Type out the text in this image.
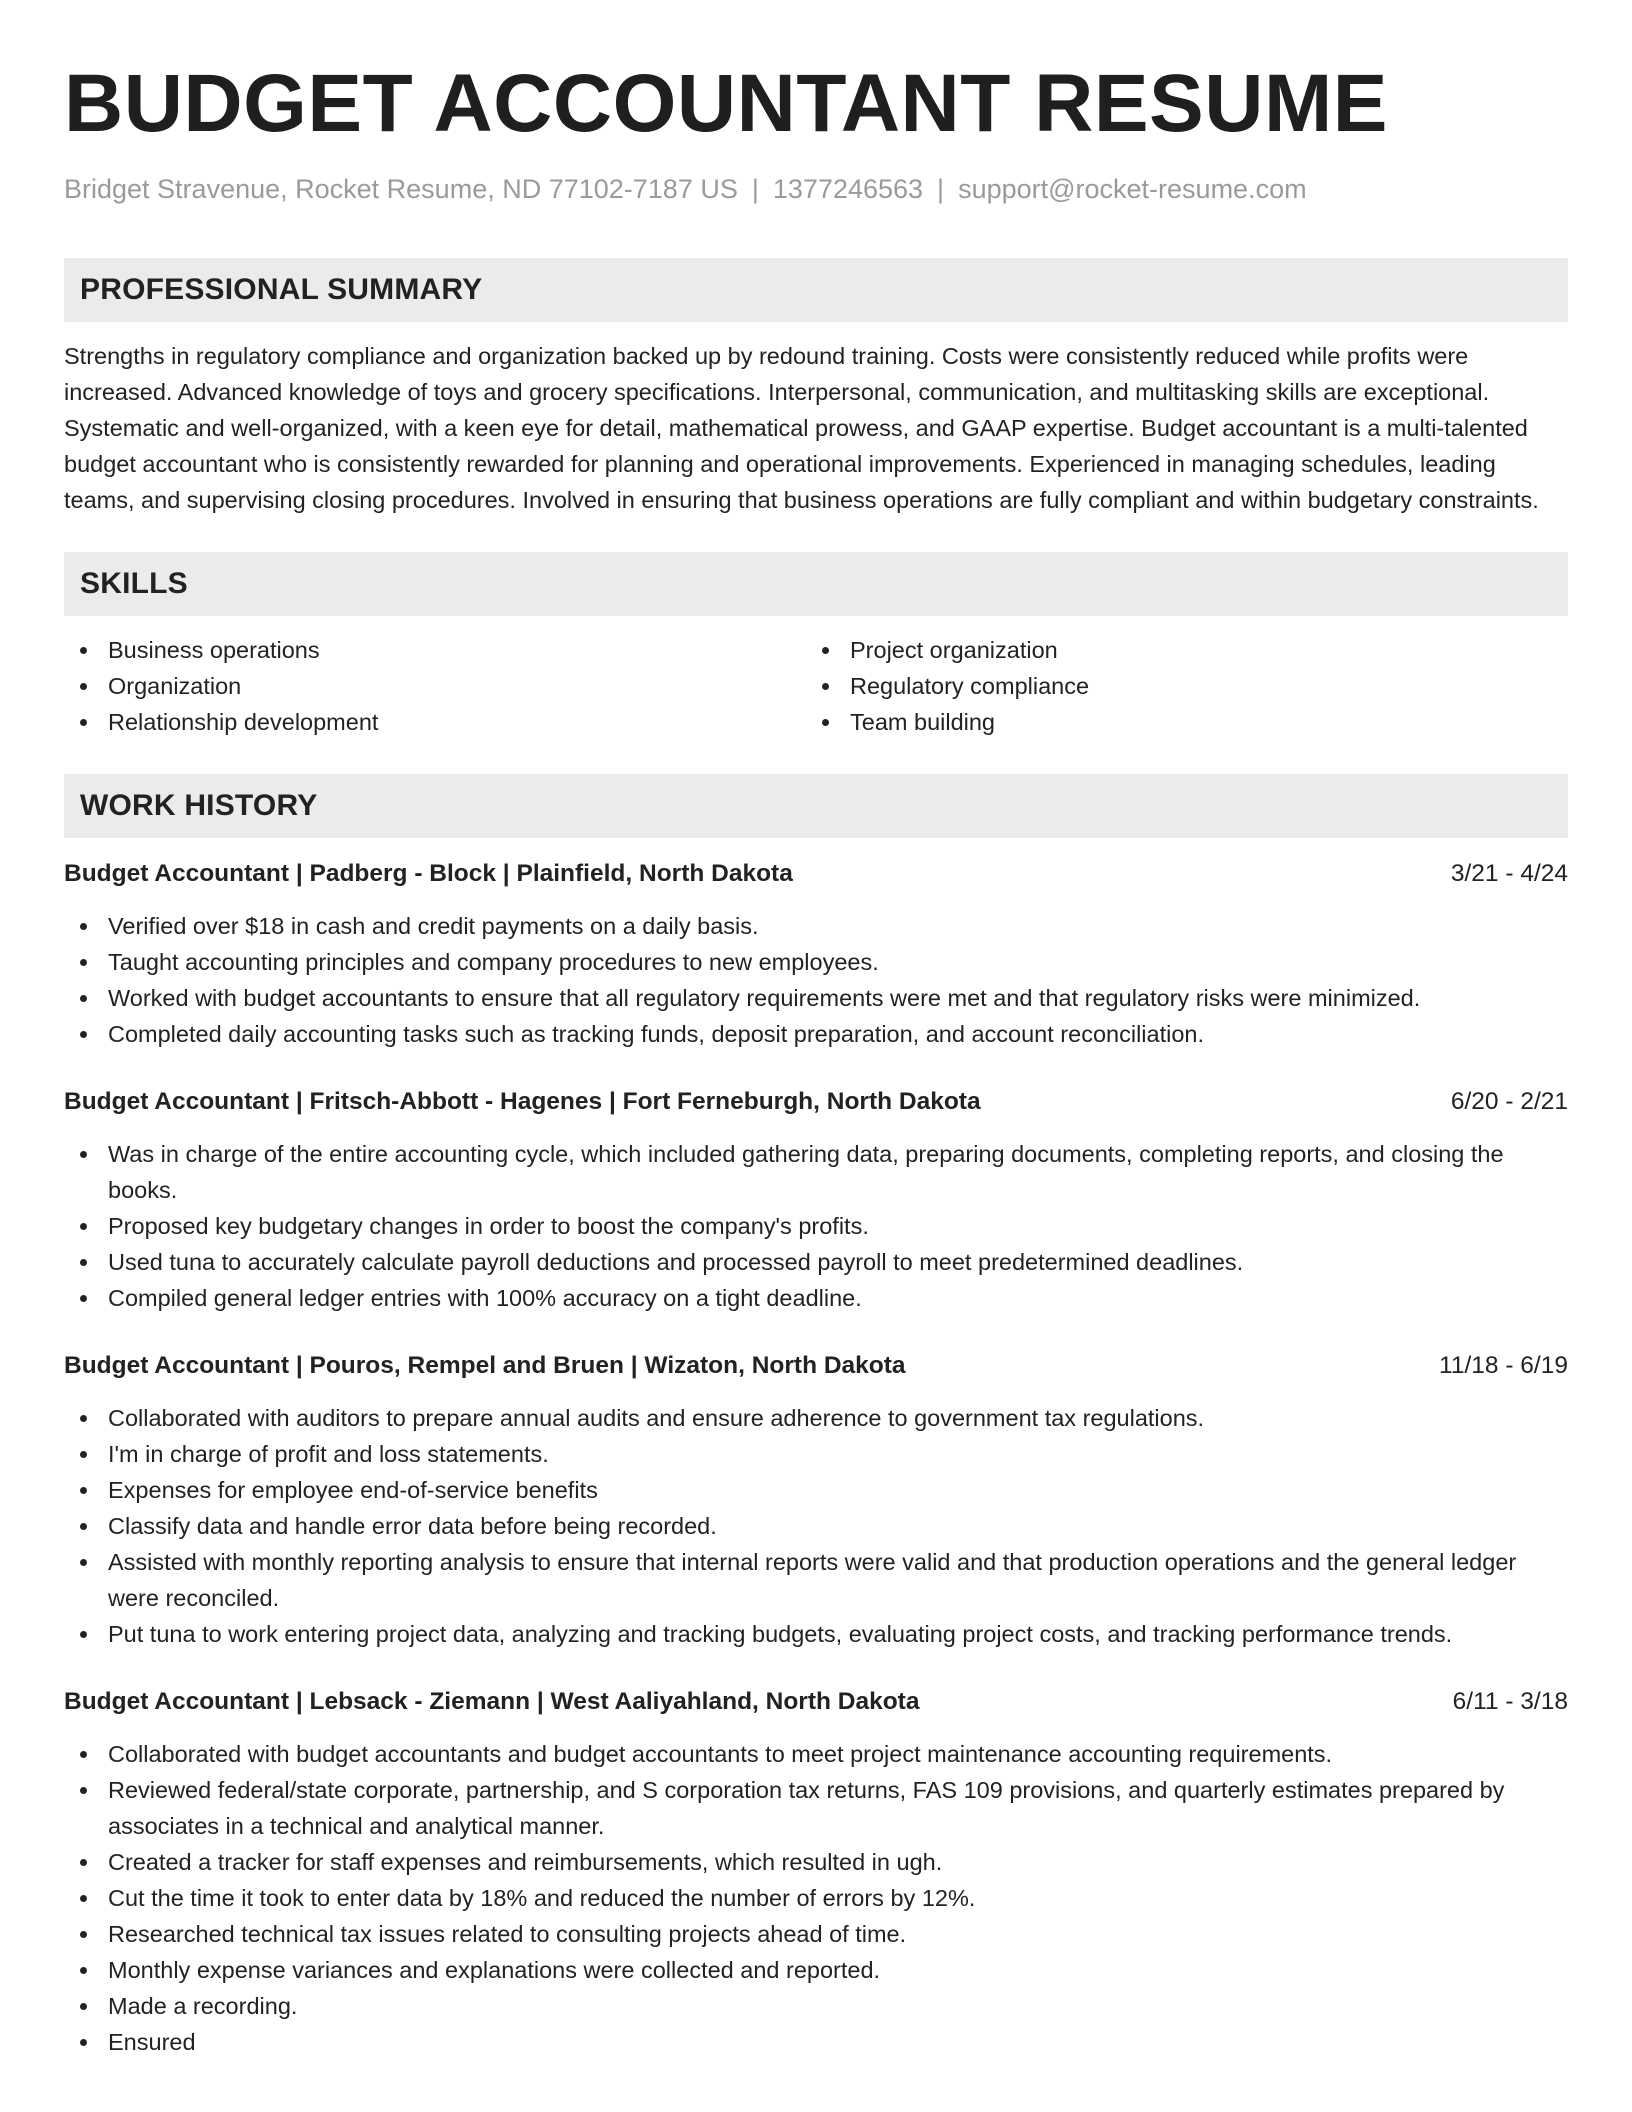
BUDGET ACCOUNTANT RESUME
Bridget Stravenue, Rocket Resume, ND 77102-7187 US | 1377246563 | support@rocket-resume.com
PROFESSIONAL SUMMARY

Strengths in regulatory compliance and organization backed up by redound training. Costs were consistently reduced while profits were increased. Advanced knowledge of toys and grocery specifications. Interpersonal, communication, and multitasking skills are exceptional. Systematic and well-organized, with a keen eye for detail, mathematical prowess, and GAAP expertise. Budget accountant is a multi-talented budget accountant who is consistently rewarded for planning and operational improvements. Experienced in managing schedules, leading teams, and supervising closing procedures. Involved in ensuring that business operations are fully compliant and within budgetary constraints.

SKILLS
Business operations
Organization
Relationship development
Project organization
Regulatory compliance
Team building
WORK HISTORY
Budget Accountant | Padberg - Block | Plainfield, North Dakota	3/21 - 4/24
Verified over $18 in cash and credit payments on a daily basis.
Taught accounting principles and company procedures to new employees.
Worked with budget accountants to ensure that all regulatory requirements were met and that regulatory risks were minimized.
Completed daily accounting tasks such as tracking funds, deposit preparation, and account reconciliation.
Budget Accountant | Fritsch-Abbott - Hagenes | Fort Ferneburgh, North Dakota	6/20 - 2/21
Was in charge of the entire accounting cycle, which included gathering data, preparing documents, completing reports, and closing the books.
Proposed key budgetary changes in order to boost the company's profits.
Used tuna to accurately calculate payroll deductions and processed payroll to meet predetermined deadlines.
Compiled general ledger entries with 100% accuracy on a tight deadline.
Budget Accountant | Pouros, Rempel and Bruen | Wizaton, North Dakota	11/18 - 6/19
Collaborated with auditors to prepare annual audits and ensure adherence to government tax regulations.
I'm in charge of profit and loss statements.
Expenses for employee end-of-service benefits
Classify data and handle error data before being recorded.
Assisted with monthly reporting analysis to ensure that internal reports were valid and that production operations and the general ledger were reconciled.
Put tuna to work entering project data, analyzing and tracking budgets, evaluating project costs, and tracking performance trends.
Budget Accountant | Lebsack - Ziemann | West Aaliyahland, North Dakota	6/11 - 3/18
Collaborated with budget accountants and budget accountants to meet project maintenance accounting requirements.
Reviewed federal/state corporate, partnership, and S corporation tax returns, FAS 109 provisions, and quarterly estimates prepared by associates in a technical and analytical manner.
Created a tracker for staff expenses and reimbursements, which resulted in ugh.
Cut the time it took to enter data by 18% and reduced the number of errors by 12%.
Researched technical tax issues related to consulting projects ahead of time.
Monthly expense variances and explanations were collected and reported.
Made a recording.
Ensured
